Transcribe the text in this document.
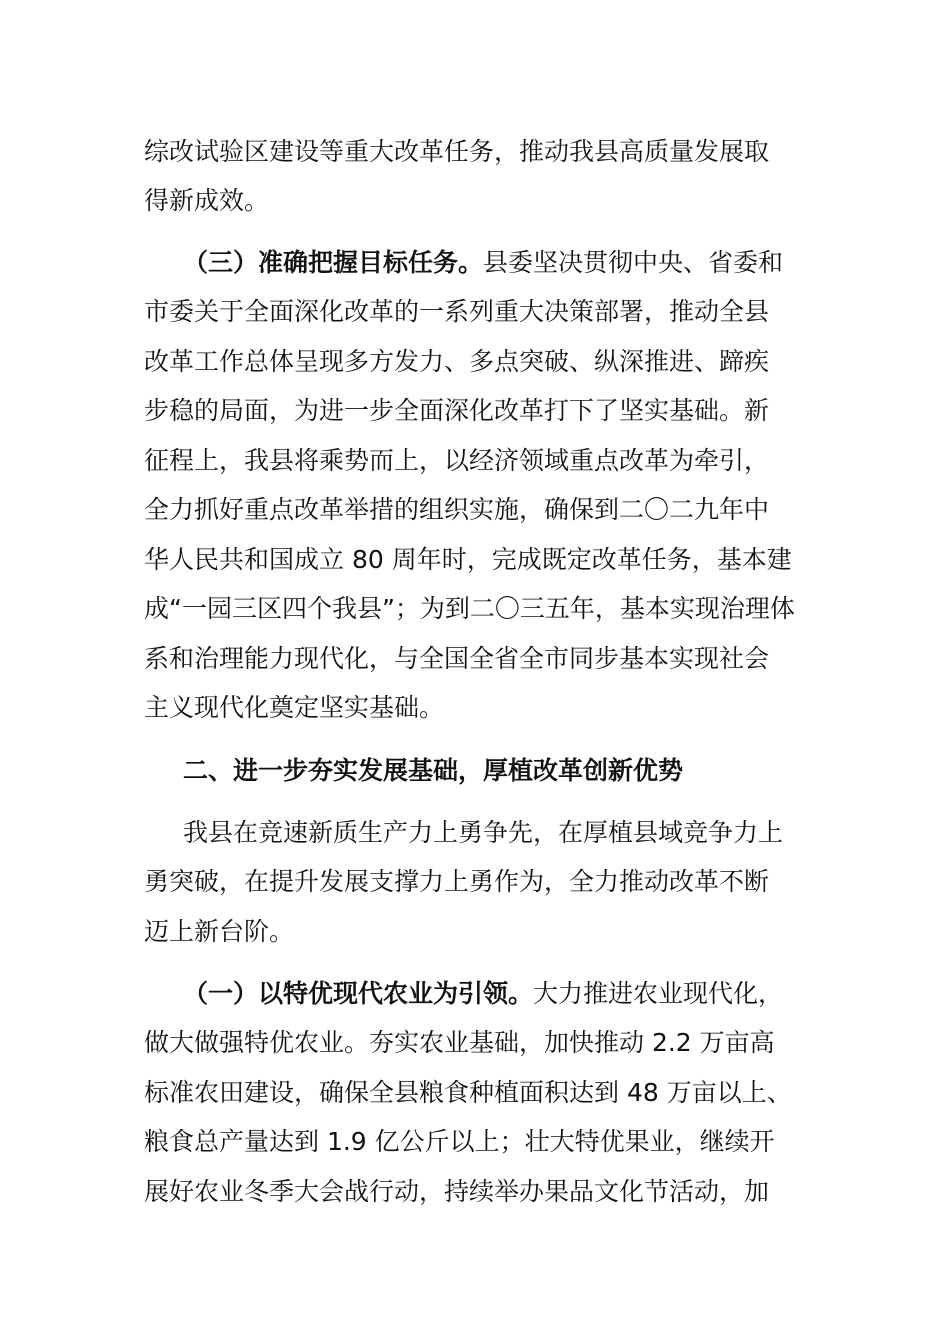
综改试验区建设等重大改革任务，推动我县高质量发展取
得新成效。
（三）准确把握目标任务。县委坚决贯彻中央、省委和
市委关于全面深化改革的一系列重大决策部署，推动全县
改革工作总体呈现多方发力、多点突破、纵深推进、蹄疾
步稳的局面，为进一步全面深化改革打下了坚实基础。新
征程上，我县将乘势而上，以经济领域重点改革为牵引，
全力抓好重点改革举措的组织实施，确保到二〇二九年中
华人民共和国成立 80 周年时，完成既定改革任务，基本建
成“一园三区四个我县”；为到二〇三五年，基本实现治理体
系和治理能力现代化，与全国全省全市同步基本实现社会
主义现代化奠定坚实基础。
二、进一步夯实发展基础，厚植改革创新优势
我县在竞速新质生产力上勇争先，在厚植县域竞争力上
勇突破，在提升发展支撑力上勇作为，全力推动改革不断
迈上新台阶。
（一）以特优现代农业为引领。大力推进农业现代化，
做大做强特优农业。夯实农业基础，加快推动 2.2 万亩高
标准农田建设，确保全县粮食种植面积达到 48 万亩以上、
粮食总产量达到 1.9 亿公斤以上；壮大特优果业，继续开
展好农业冬季大会战行动，持续举办果品文化节活动，加
